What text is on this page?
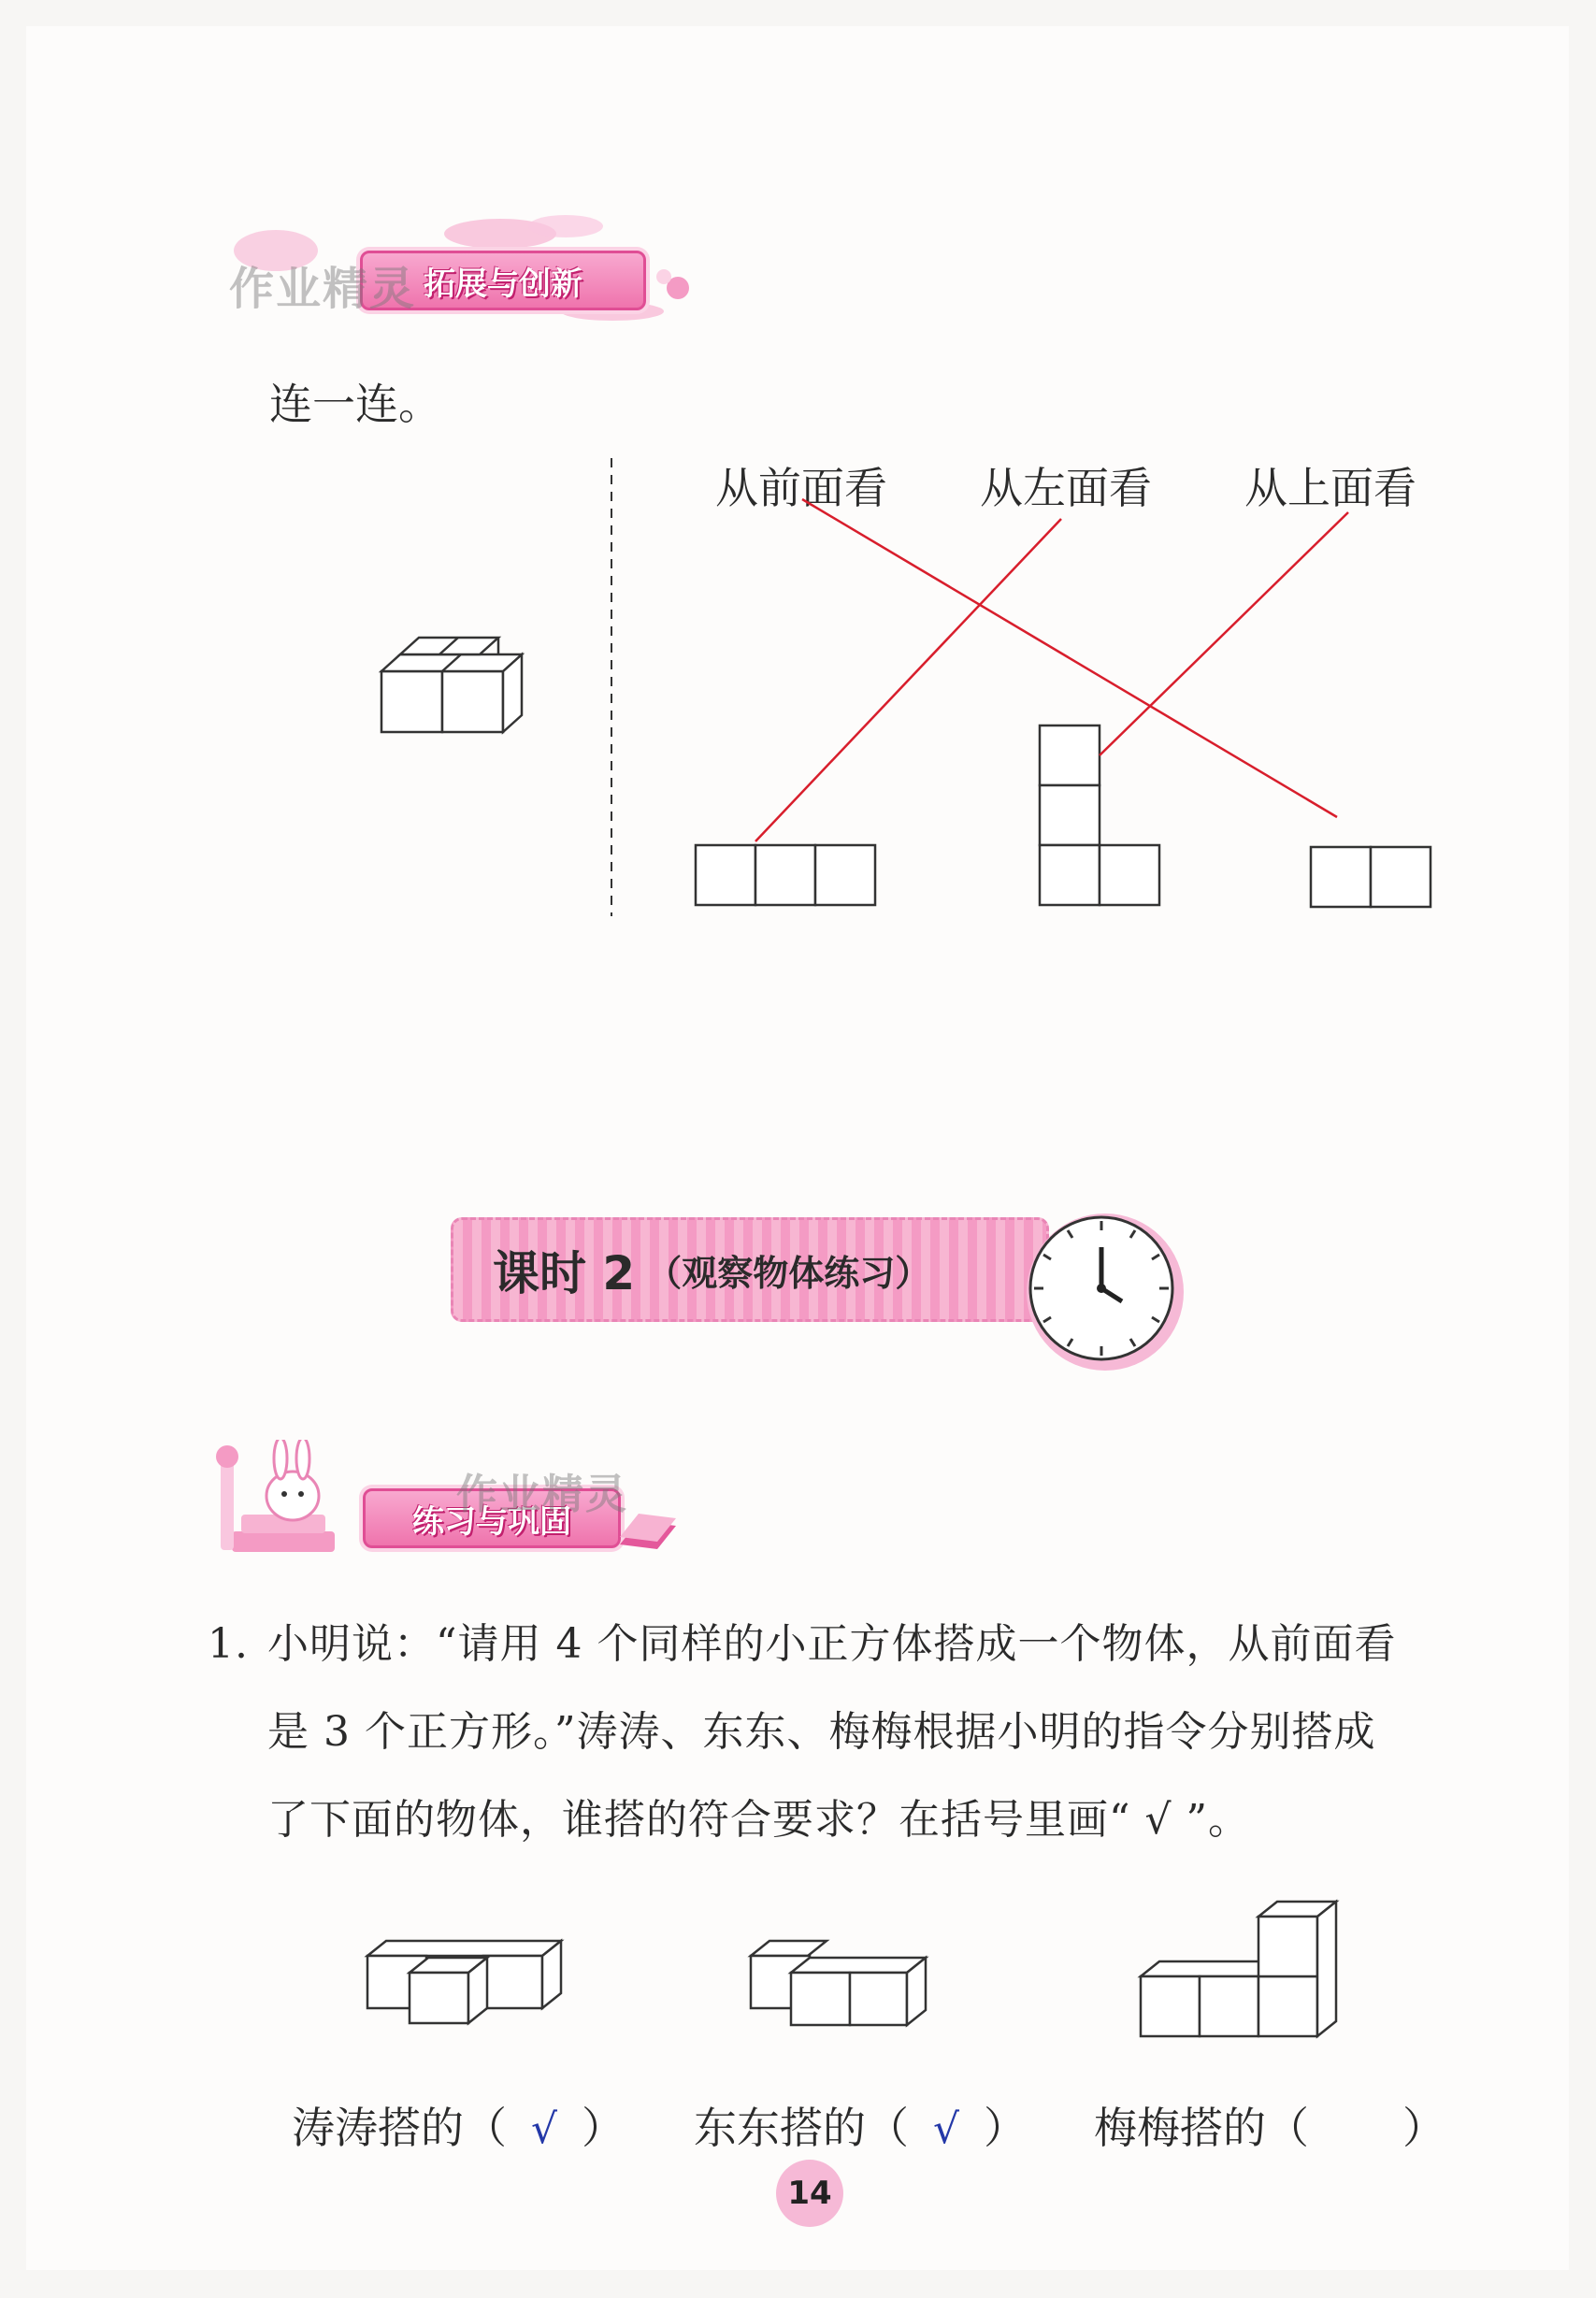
拓展与创新
作业精灵
连一连。
从前面看 从左面看 从上面看
课时 2 （观察物体练习）
练习与巩固
作业精灵
1. 小明说：“请用 4 个同样的小正方体搭成一个物体，从前面看
是 3 个正方形。”涛涛、东东、梅梅根据小明的指令分别搭成
了下面的物体，谁搭的符合要求？在括号里画“ √ ”。
涛涛搭的（ √ ） 东东搭的（ √ ） 梅梅搭的（ ）
14
